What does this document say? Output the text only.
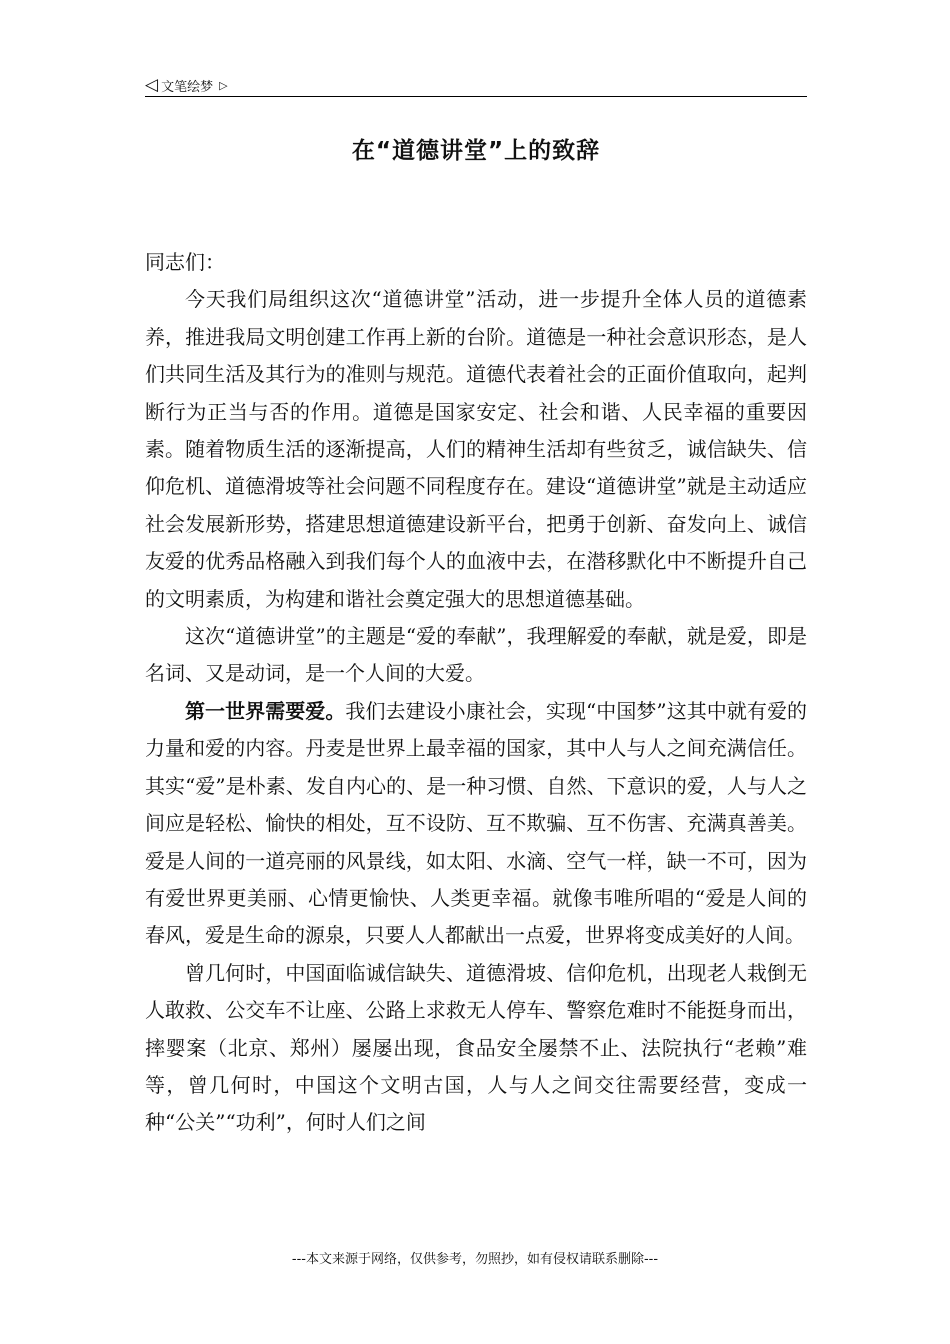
◁ 文笔绘梦 ▷
在“道德讲堂”上的致辞

同志们：

今天我们局组织这次“道德讲堂”活动，进一步提升全体人员的道德素养，推进我局文明创建工作再上新的台阶。道德是一种社会意识形态，是人们共同生活及其行为的准则与规范。道德代表着社会的正面价值取向，起判断行为正当与否的作用。道德是国家安定、社会和谐、人民幸福的重要因素。随着物质生活的逐渐提高，人们的精神生活却有些贫乏，诚信缺失、信仰危机、道德滑坡等社会问题不同程度存在。建设“道德讲堂”就是主动适应社会发展新形势，搭建思想道德建设新平台，把勇于创新、奋发向上、诚信友爱的优秀品格融入到我们每个人的血液中去，在潜移默化中不断提升自己的文明素质，为构建和谐社会奠定强大的思想道德基础。

这次“道德讲堂”的主题是“爱的奉献”，我理解爱的奉献，就是爱，即是名词、又是动词，是一个人间的大爱。

第一世界需要爱。我们去建设小康社会，实现“中国梦”这其中就有爱的力量和爱的内容。丹麦是世界上最幸福的国家，其中人与人之间充满信任。其实“爱”是朴素、发自内心的、是一种习惯、自然、下意识的爱，人与人之间应是轻松、愉快的相处，互不设防、互不欺骗、互不伤害、充满真善美。爱是人间的一道亮丽的风景线，如太阳、水滴、空气一样，缺一不可，因为有爱世界更美丽、心情更愉快、人类更幸福。就像韦唯所唱的“爱是人间的春风，爱是生命的源泉，只要人人都献出一点爱，世界将变成美好的人间。

曾几何时，中国面临诚信缺失、道德滑坡、信仰危机，出现老人栽倒无人敢救、公交车不让座、公路上求救无人停车、警察危难时不能挺身而出，摔婴案（北京、郑州）屡屡出现，食品安全屡禁不止、法院执行“老赖”难等，曾几何时，中国这个文明古国，人与人之间交往需要经营，变成一种“公关”“功利”，何时人们之间

---本文来源于网络，仅供参考，勿照抄，如有侵权请联系删除---
